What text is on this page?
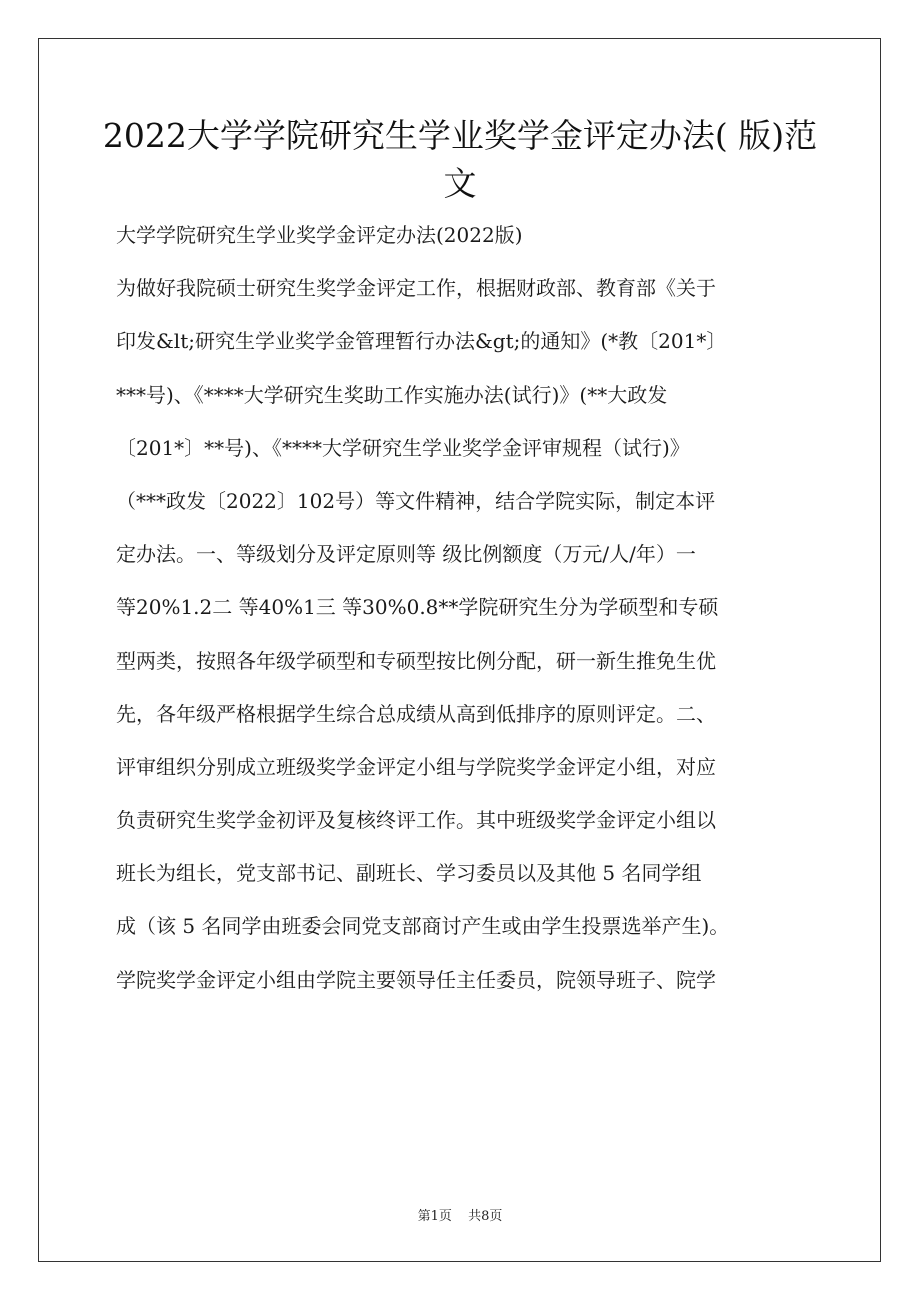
2022大学学院研究生学业奖学金评定办法( 版)范
文
大学学院研究生学业奖学金评定办法(2022版)
为做好我院硕士研究生奖学金评定工作，根据财政部、教育部《关于
印发&lt;研究生学业奖学金管理暂行办法&gt;的通知》(*教〔201*〕
***号)、《****大学研究生奖助工作实施办法(试行)》(**大政发
〔201*〕**号)、《****大学研究生学业奖学金评审规程（试行)》
（***政发〔2022〕102号）等文件精神，结合学院实际，制定本评
定办法。一、等级划分及评定原则等 级比例额度（万元/人/年）一
等20%1.2二 等40%1三 等30%0.8**学院研究生分为学硕型和专硕
型两类，按照各年级学硕型和专硕型按比例分配，研一新生推免生优
先，各年级严格根据学生综合总成绩从高到低排序的原则评定。二、
评审组织分别成立班级奖学金评定小组与学院奖学金评定小组，对应
负责研究生奖学金初评及复核终评工作。其中班级奖学金评定小组以
班长为组长，党支部书记、副班长、学习委员以及其他 5 名同学组
成（该 5 名同学由班委会同党支部商讨产生或由学生投票选举产生)。
学院奖学金评定小组由学院主要领导任主任委员，院领导班子、院学
第1页 共8页
